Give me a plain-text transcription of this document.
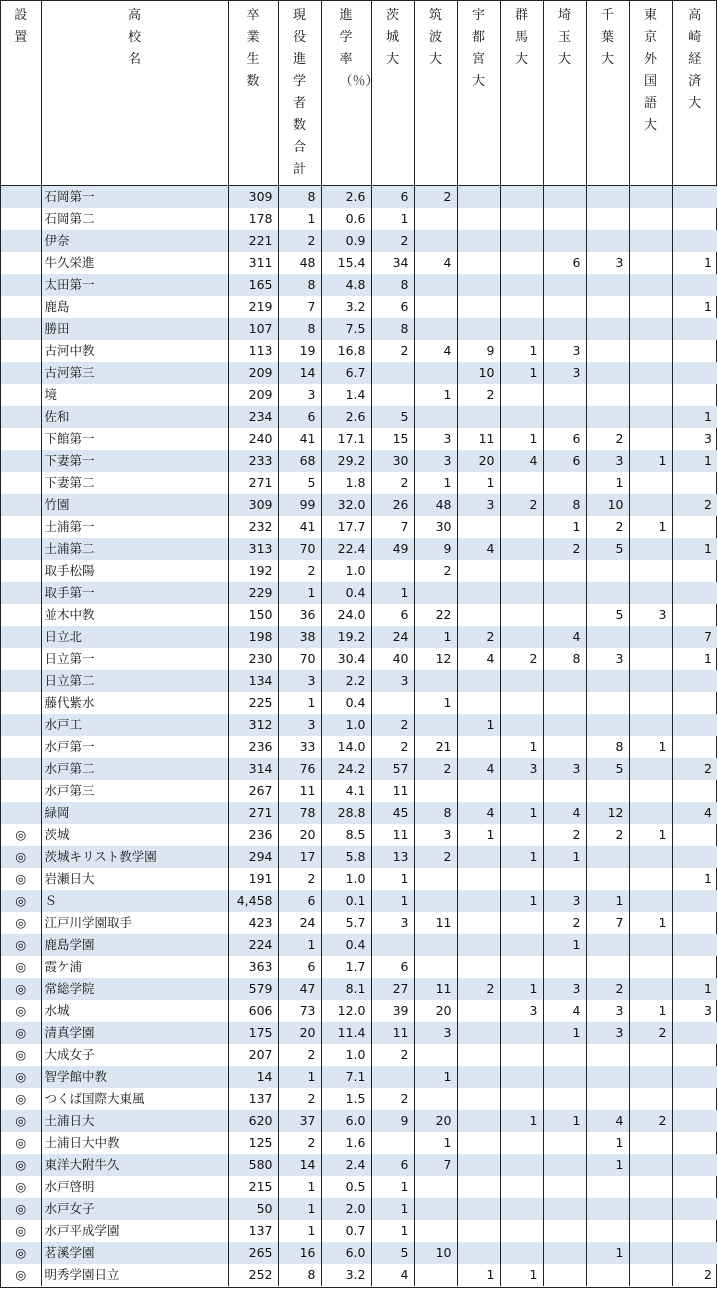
設置	高校名	卒業生数	現役進学者数合計	進学率（％）	茨城大	筑波大	宇都宮大	群馬大	埼玉大	千葉大	東京外国語大	高崎経済大

	石岡第一	309	8	2.6	6	2						
	石岡第二	178	1	0.6	1							
	伊奈	221	2	0.9	2							
	牛久栄進	311	48	15.4	34	4			6	3		1
	太田第一	165	8	4.8	8							
	鹿島	219	7	3.2	6							1
	勝田	107	8	7.5	8							
	古河中教	113	19	16.8	2	4	9	1	3			
	古河第三	209	14	6.7			10	1	3			
	境	209	3	1.4		1	2					
	佐和	234	6	2.6	5							1
	下館第一	240	41	17.1	15	3	11	1	6	2		3
	下妻第一	233	68	29.2	30	3	20	4	6	3	1	1
	下妻第二	271	5	1.8	2	1	1			1		
	竹園	309	99	32.0	26	48	3	2	8	10		2
	土浦第一	232	41	17.7	7	30			1	2	1	
	土浦第二	313	70	22.4	49	9	4		2	5		1
	取手松陽	192	2	1.0		2						
	取手第一	229	1	0.4	1							
	並木中教	150	36	24.0	6	22				5	3	
	日立北	198	38	19.2	24	1	2		4			7
	日立第一	230	70	30.4	40	12	4	2	8	3		1
	日立第二	134	3	2.2	3							
	藤代紫水	225	1	0.4		1						
	水戸工	312	3	1.0	2		1					
	水戸第一	236	33	14.0	2	21		1		8	1	
	水戸第二	314	76	24.2	57	2	4	3	3	5		2
	水戸第三	267	11	4.1	11							
	緑岡	271	78	28.8	45	8	4	1	4	12		4
◎	茨城	236	20	8.5	11	3	1		2	2	1	
◎	茨城キリスト教学園	294	17	5.8	13	2		1	1			
◎	岩瀬日大	191	2	1.0	1							1
◎	Ｓ	4,458	6	0.1	1			1	3	1		
◎	江戸川学園取手	423	24	5.7	3	11			2	7	1	
◎	鹿島学園	224	1	0.4					1			
◎	霞ケ浦	363	6	1.7	6							
◎	常総学院	579	47	8.1	27	11	2	1	3	2		1
◎	水城	606	73	12.0	39	20		3	4	3	1	3
◎	清真学園	175	20	11.4	11	3			1	3	2	
◎	大成女子	207	2	1.0	2							
◎	智学館中教	14	1	7.1		1						
◎	つくば国際大東風	137	2	1.5	2							
◎	土浦日大	620	37	6.0	9	20		1	1	4	2	
◎	土浦日大中教	125	2	1.6		1				1		
◎	東洋大附牛久	580	14	2.4	6	7				1		
◎	水戸啓明	215	1	0.5	1							
◎	水戸女子	50	1	2.0	1							
◎	水戸平成学園	137	1	0.7	1							
◎	茗溪学園	265	16	6.0	5	10				1		
◎	明秀学園日立	252	8	3.2	4		1	1				2
